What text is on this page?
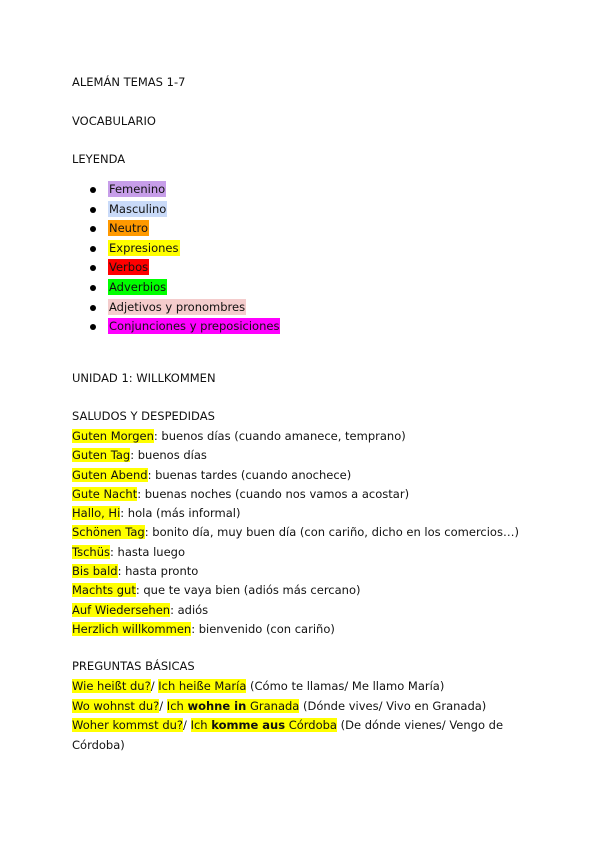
ALEMÁN TEMAS 1-7
VOCABULARIO
LEYENDA
Femenino
Masculino
Neutro
Expresiones
Verbos
Adverbios
Adjetivos y pronombres
Conjunciones y preposiciones
UNIDAD 1: WILLKOMMEN
SALUDOS Y DESPEDIDAS
Guten Morgen: buenos días (cuando amanece, temprano)
Guten Tag: buenos días
Guten Abend: buenas tardes (cuando anochece)
Gute Nacht: buenas noches (cuando nos vamos a acostar)
Hallo, Hi: hola (más informal)
Schönen Tag: bonito día, muy buen día (con cariño, dicho en los comercios…)
Tschüs: hasta luego
Bis bald: hasta pronto
Machts gut: que te vaya bien (adiós más cercano)
Auf Wiedersehen: adiós
Herzlich willkommen: bienvenido (con cariño)
PREGUNTAS BÁSICAS
Wie heißt du?/ Ich heiße María (Cómo te llamas/ Me llamo María)
Wo wohnst du?/ Ich wohne in Granada (Dónde vives/ Vivo en Granada)
Woher kommst du?/ Ich komme aus Córdoba (De dónde vienes/ Vengo de Córdoba)
